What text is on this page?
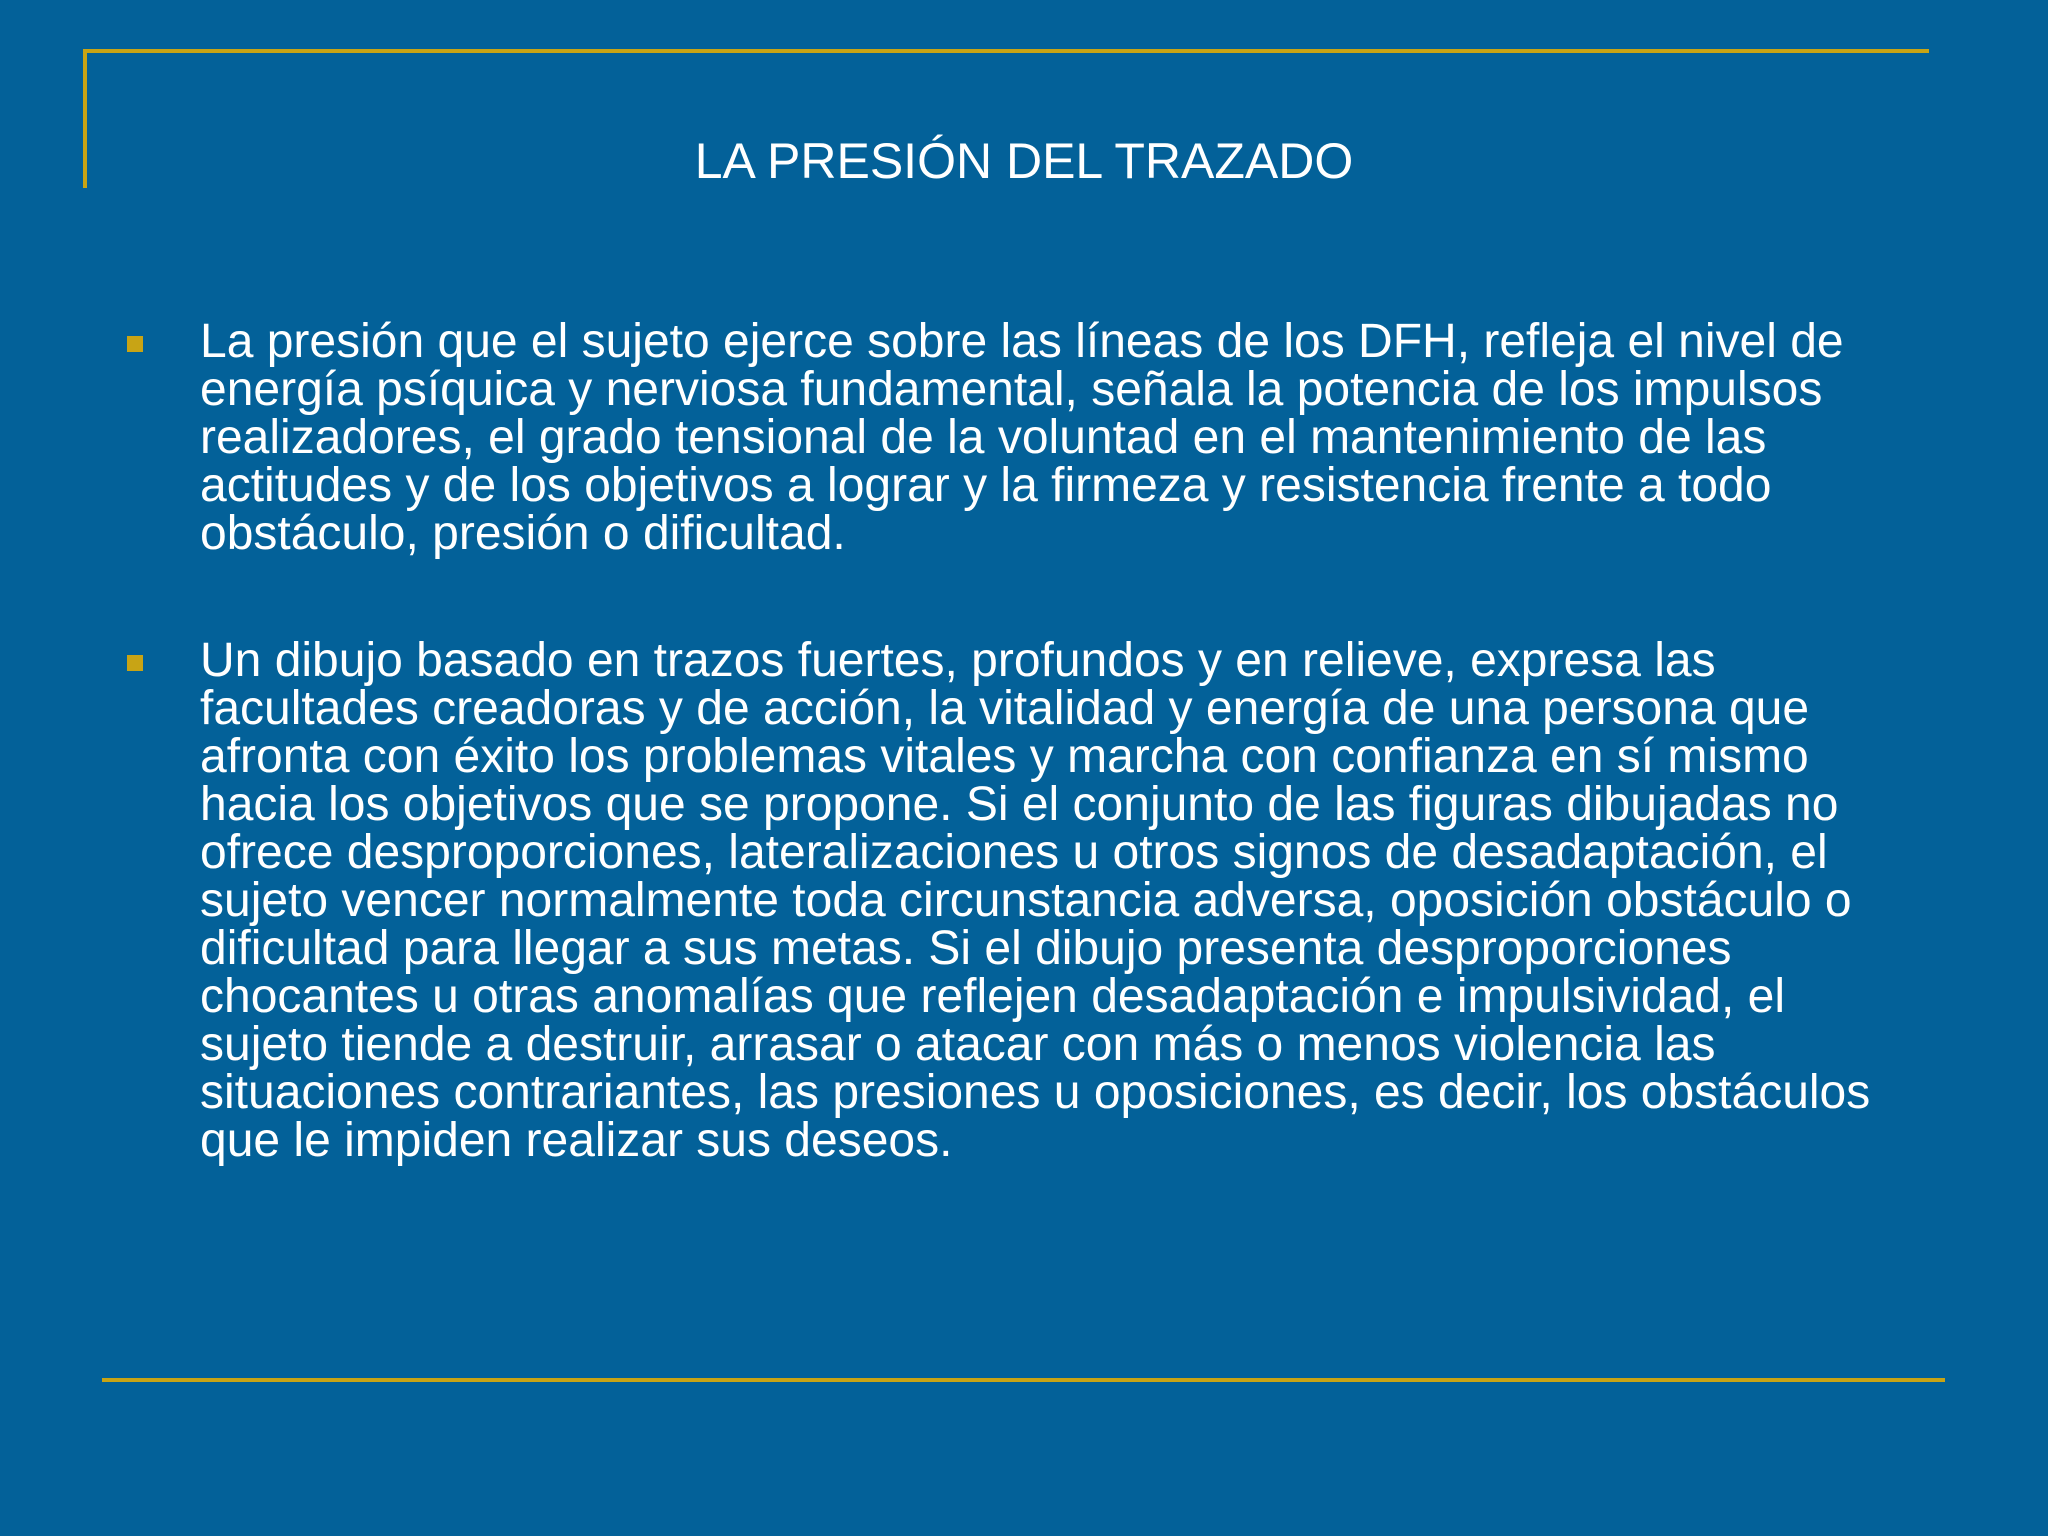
LA PRESIÓN DEL TRAZADO
La presión que el sujeto ejerce sobre las líneas de los DFH, refleja el nivel de energía psíquica y nerviosa fundamental, señala la potencia de los impulsos realizadores, el grado tensional de la voluntad en el mantenimiento de las actitudes y de los objetivos a lograr y la firmeza y resistencia frente a todo obstáculo, presión o dificultad.
Un dibujo basado en trazos fuertes, profundos y en relieve, expresa las facultades creadoras y de acción, la vitalidad y energía de una persona que afronta con éxito los problemas vitales y marcha con confianza en sí mismo hacia los objetivos que se propone. Si el conjunto de las figuras dibujadas no ofrece desproporciones, lateralizaciones u otros signos de desadaptación, el sujeto vencer normalmente toda circunstancia adversa, oposición obstáculo o dificultad para llegar a sus metas. Si el dibujo presenta desproporciones chocantes u otras anomalías que reflejen desadaptación e impulsividad, el sujeto tiende a destruir, arrasar o atacar con más o menos violencia las situaciones contrariantes, las presiones u oposiciones, es decir, los obstáculos que le impiden realizar sus deseos.
